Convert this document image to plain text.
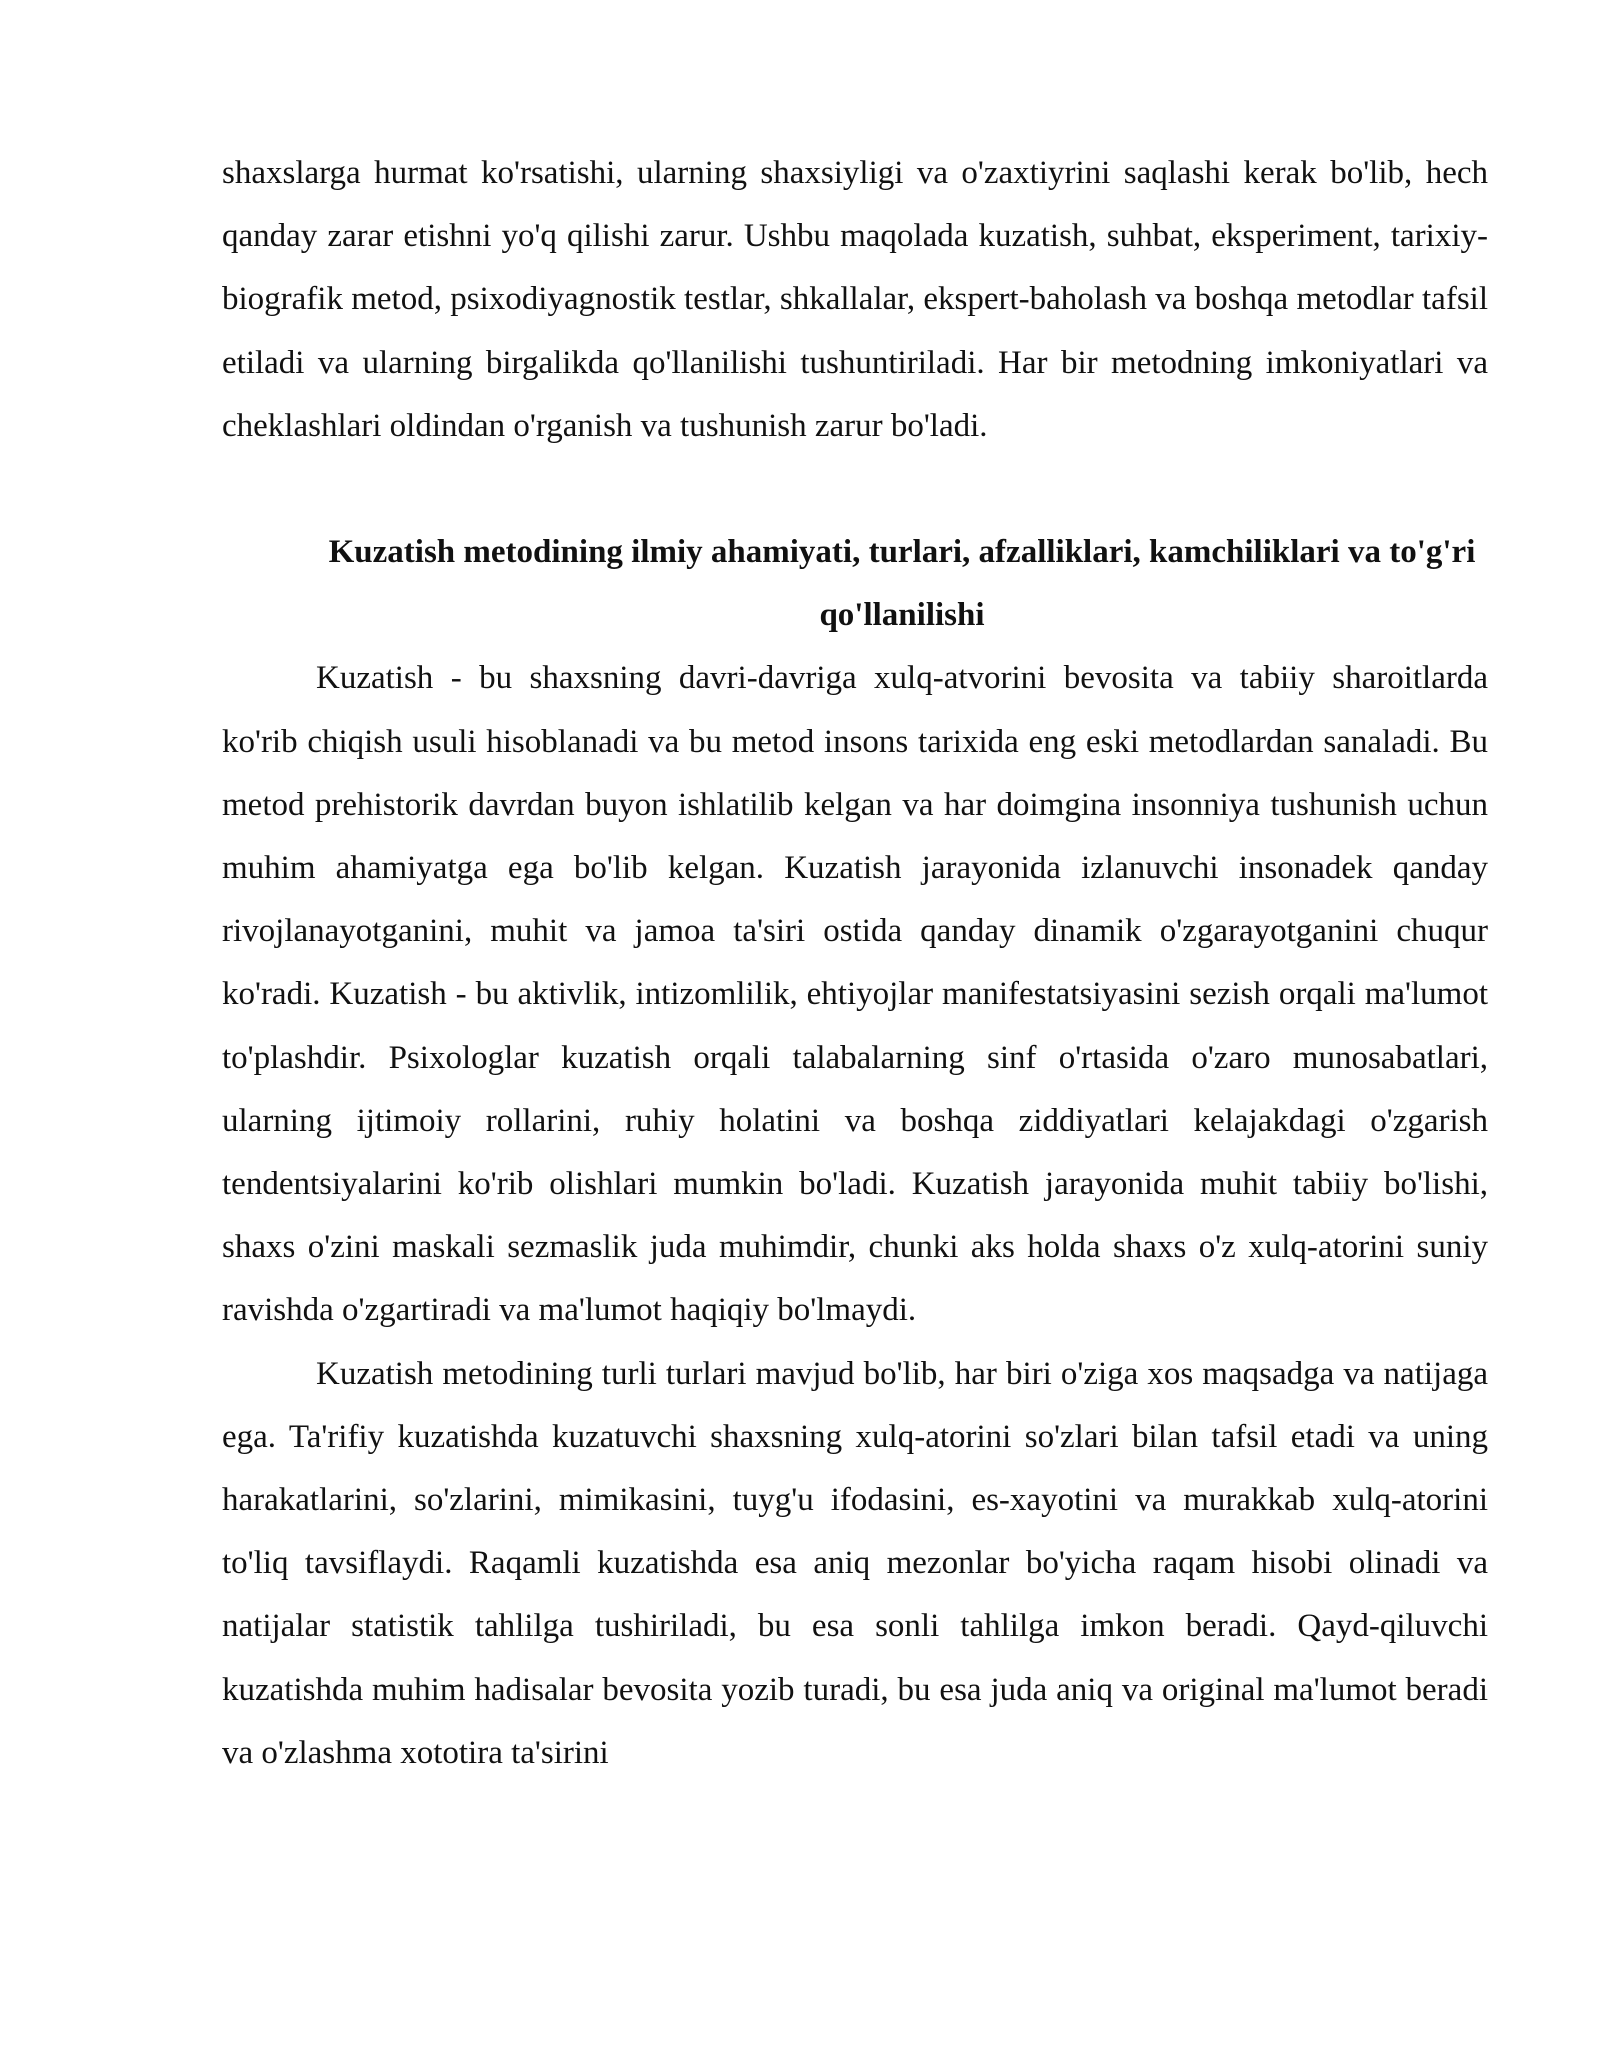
shaxslarga hurmat ko'rsatishi, ularning shaxsiyligi va o'zaxtiyrini saqlashi kerak bo'lib, hech qanday zarar etishni yo'q qilishi zarur. Ushbu maqolada kuzatish, suhbat, eksperiment, tarixiy-biografik metod, psixodiyagnostik testlar, shkallalar, ekspert-baholash va boshqa metodlar tafsil etiladi va ularning birgalikda qo'llanilishi tushuntiriladi. Har bir metodning imkoniyatlari va cheklashlari oldindan o'rganish va tushunish zarur bo'ladi.

Kuzatish metodining ilmiy ahamiyati, turlari, afzalliklari, kamchiliklari va to'g'ri qo'llanilishi

Kuzatish - bu shaxsning davri-davriga xulq-atvorini bevosita va tabiiy sharoitlarda ko'rib chiqish usuli hisoblanadi va bu metod insons tarixida eng eski metodlardan sanaladi. Bu metod prehistorik davrdan buyon ishlatilib kelgan va har doimgina insonniya tushunish uchun muhim ahamiyatga ega bo'lib kelgan. Kuzatish jarayonida izlanuvchi insonadek qanday rivojlanayotganini, muhit va jamoa ta'siri ostida qanday dinamik o'zgarayotganini chuqur ko'radi. Kuzatish - bu aktivlik, intizomlilik, ehtiyojlar manifestatsiyasini sezish orqali ma'lumot to'plashdir. Psixologlar kuzatish orqali talabalarning sinf o'rtasida o'zaro munosabatlari, ularning ijtimoiy rollarini, ruhiy holatini va boshqa ziddiyatlari kelajakdagi o'zgarish tendentsiyalarini ko'rib olishlari mumkin bo'ladi. Kuzatish jarayonida muhit tabiiy bo'lishi, shaxs o'zini maskali sezmaslik juda muhimdir, chunki aks holda shaxs o'z xulq-atorini suniy ravishda o'zgartiradi va ma'lumot haqiqiy bo'lmaydi.

Kuzatish metodining turli turlari mavjud bo'lib, har biri o'ziga xos maqsadga va natijaga ega. Ta'rifiy kuzatishda kuzatuvchi shaxsning xulq-atorini so'zlari bilan tafsil etadi va uning harakatlarini, so'zlarini, mimikasini, tuyg'u ifodasini, es-xayotini va murakkab xulq-atorini to'liq tavsiflaydi. Raqamli kuzatishda esa aniq mezonlar bo'yicha raqam hisobi olinadi va natijalar statistik tahlilga tushiriladi, bu esa sonli tahlilga imkon beradi. Qayd-qiluvchi kuzatishda muhim hadisalar bevosita yozib turadi, bu esa juda aniq va original ma'lumot beradi va o'zlashma xototira ta'sirini
